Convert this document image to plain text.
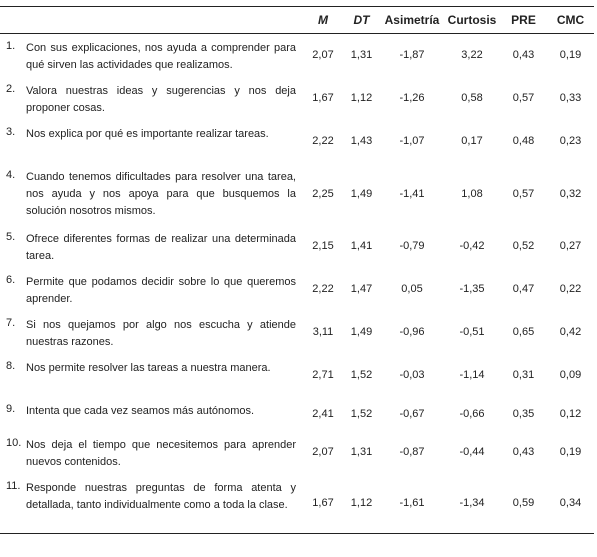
	M	DT	Asimetría	Curtosis	PRE	CMC
1. Con sus explicaciones, nos ayuda a comprender para qué sirven las actividades que realizamos.	2,07	1,31	-1,87	3,22	0,43	0,19
2. Valora nuestras ideas y sugerencias y nos deja proponer cosas.	1,67	1,12	-1,26	0,58	0,57	0,33
3. Nos explica por qué es importante realizar tareas.	2,22	1,43	-1,07	0,17	0,48	0,23
4. Cuando tenemos dificultades para resolver una tarea, nos ayuda y nos apoya para que busquemos la solución nosotros mismos.	2,25	1,49	-1,41	1,08	0,57	0,32
5. Ofrece diferentes formas de realizar una determinada tarea.	2,15	1,41	-0,79	-0,42	0,52	0,27
6. Permite que podamos decidir sobre lo que queremos aprender.	2,22	1,47	0,05	-1,35	0,47	0,22
7. Si nos quejamos por algo nos escucha y atiende nuestras razones.	3,11	1,49	-0,96	-0,51	0,65	0,42
8. Nos permite resolver las tareas a nuestra manera.	2,71	1,52	-0,03	-1,14	0,31	0,09
9. Intenta que cada vez seamos más autónomos.	2,41	1,52	-0,67	-0,66	0,35	0,12
10. Nos deja el tiempo que necesitemos para aprender nuevos contenidos.	2,07	1,31	-0,87	-0,44	0,43	0,19
11. Responde nuestras preguntas de forma atenta y detallada, tanto individualmente como a toda la clase.	1,67	1,12	-1,61	-1,34	0,59	0,34
